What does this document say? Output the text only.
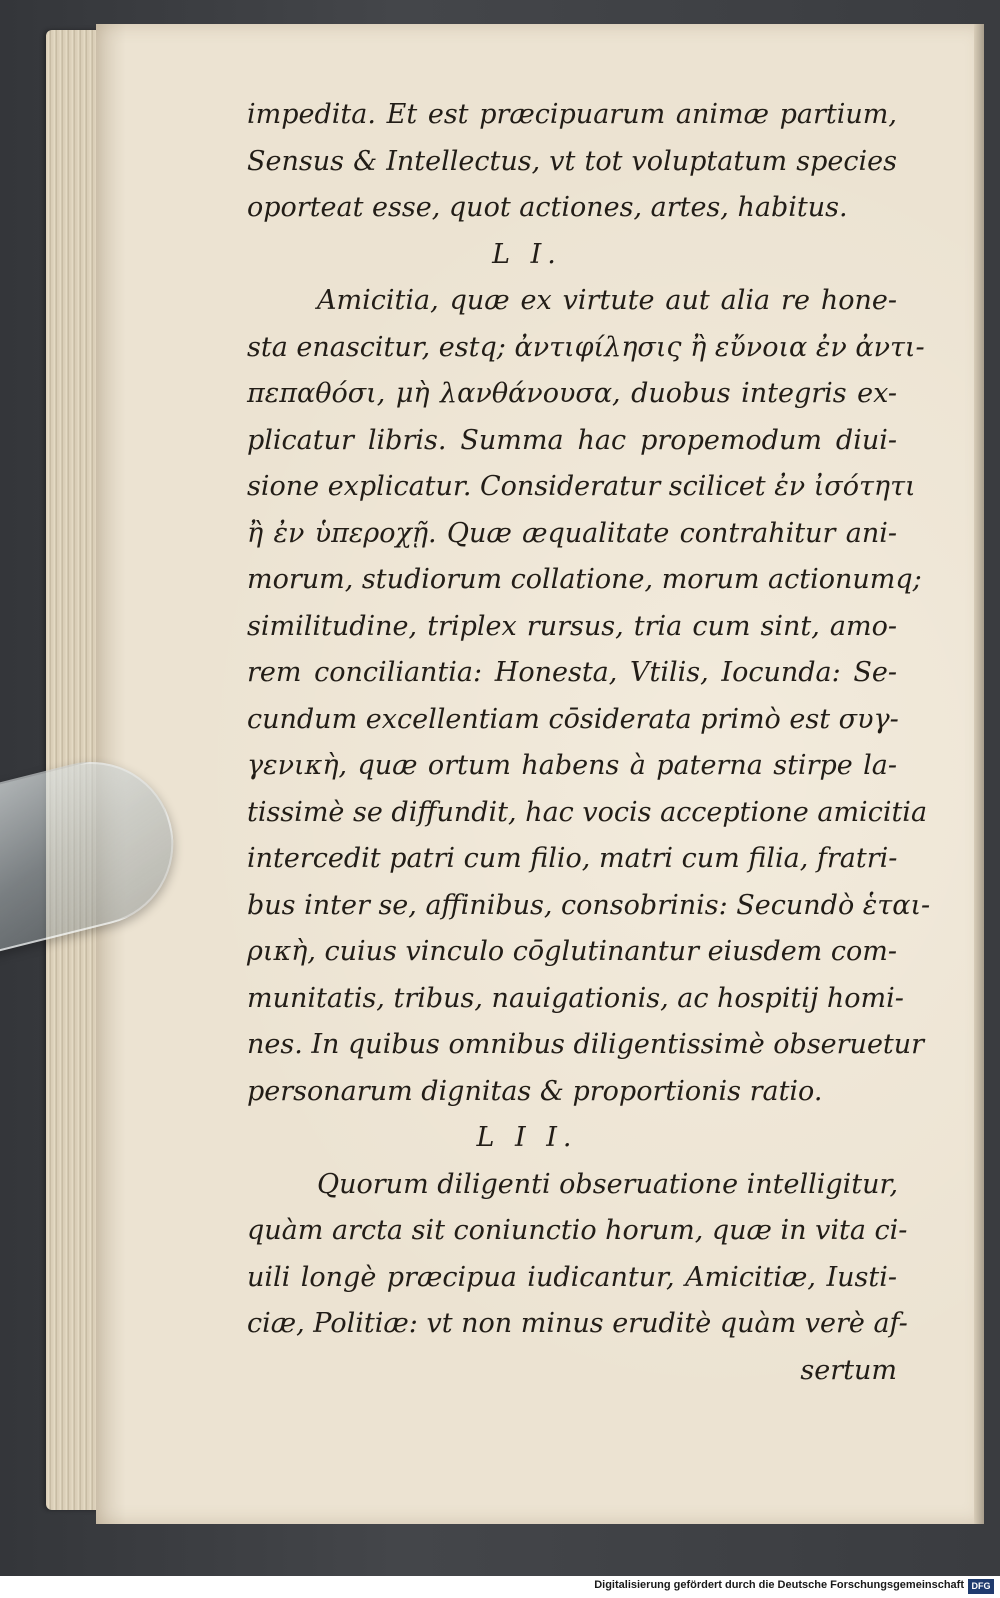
impedita. Et est præcipuarum animæ partium,
Sensus & Intellectus, vt tot voluptatum species
oporteat esse, quot actiones, artes, habitus.
L I.
Amicitia, quæ ex virtute aut alia re hone-
sta enascitur, estq; ἀντιφίλησις ἢ εὔνοια ἐν ἀντι-
πεπαθόσι, μὴ λανθάνουσα, duobus integris ex-
plicatur libris. Summa hac propemodum diui-
sione explicatur. Consideratur scilicet ἐν ἰσότητι
ἢ ἐν ὑπεροχῇ. Quæ æqualitate contrahitur ani-
morum, studiorum collatione, morum actionumq;
similitudine, triplex rursus, tria cum sint, amo-
rem conciliantia: Honesta, Vtilis, Iocunda: Se-
cundum excellentiam cōsiderata primò est συγ-
γενικὴ, quæ ortum habens à paterna stirpe la-
tissimè se diffundit, hac vocis acceptione amicitia
intercedit patri cum filio, matri cum filia, fratri-
bus inter se, affinibus, consobrinis: Secundò ἑται-
ρικὴ, cuius vinculo cōglutinantur eiusdem com-
munitatis, tribus, nauigationis, ac hospitij homi-
nes. In quibus omnibus diligentissimè obseruetur
personarum dignitas & proportionis ratio.
L I I.
Quorum diligenti obseruatione intelligitur,
quàm arcta sit coniunctio horum, quæ in vita ci-
uili longè præcipua iudicantur, Amicitiæ, Iusti-
ciæ, Politiæ: vt non minus eruditè quàm verè af-
sertum
Digitalisierung gefördert durch die Deutsche Forschungsgemeinschaft DFG
